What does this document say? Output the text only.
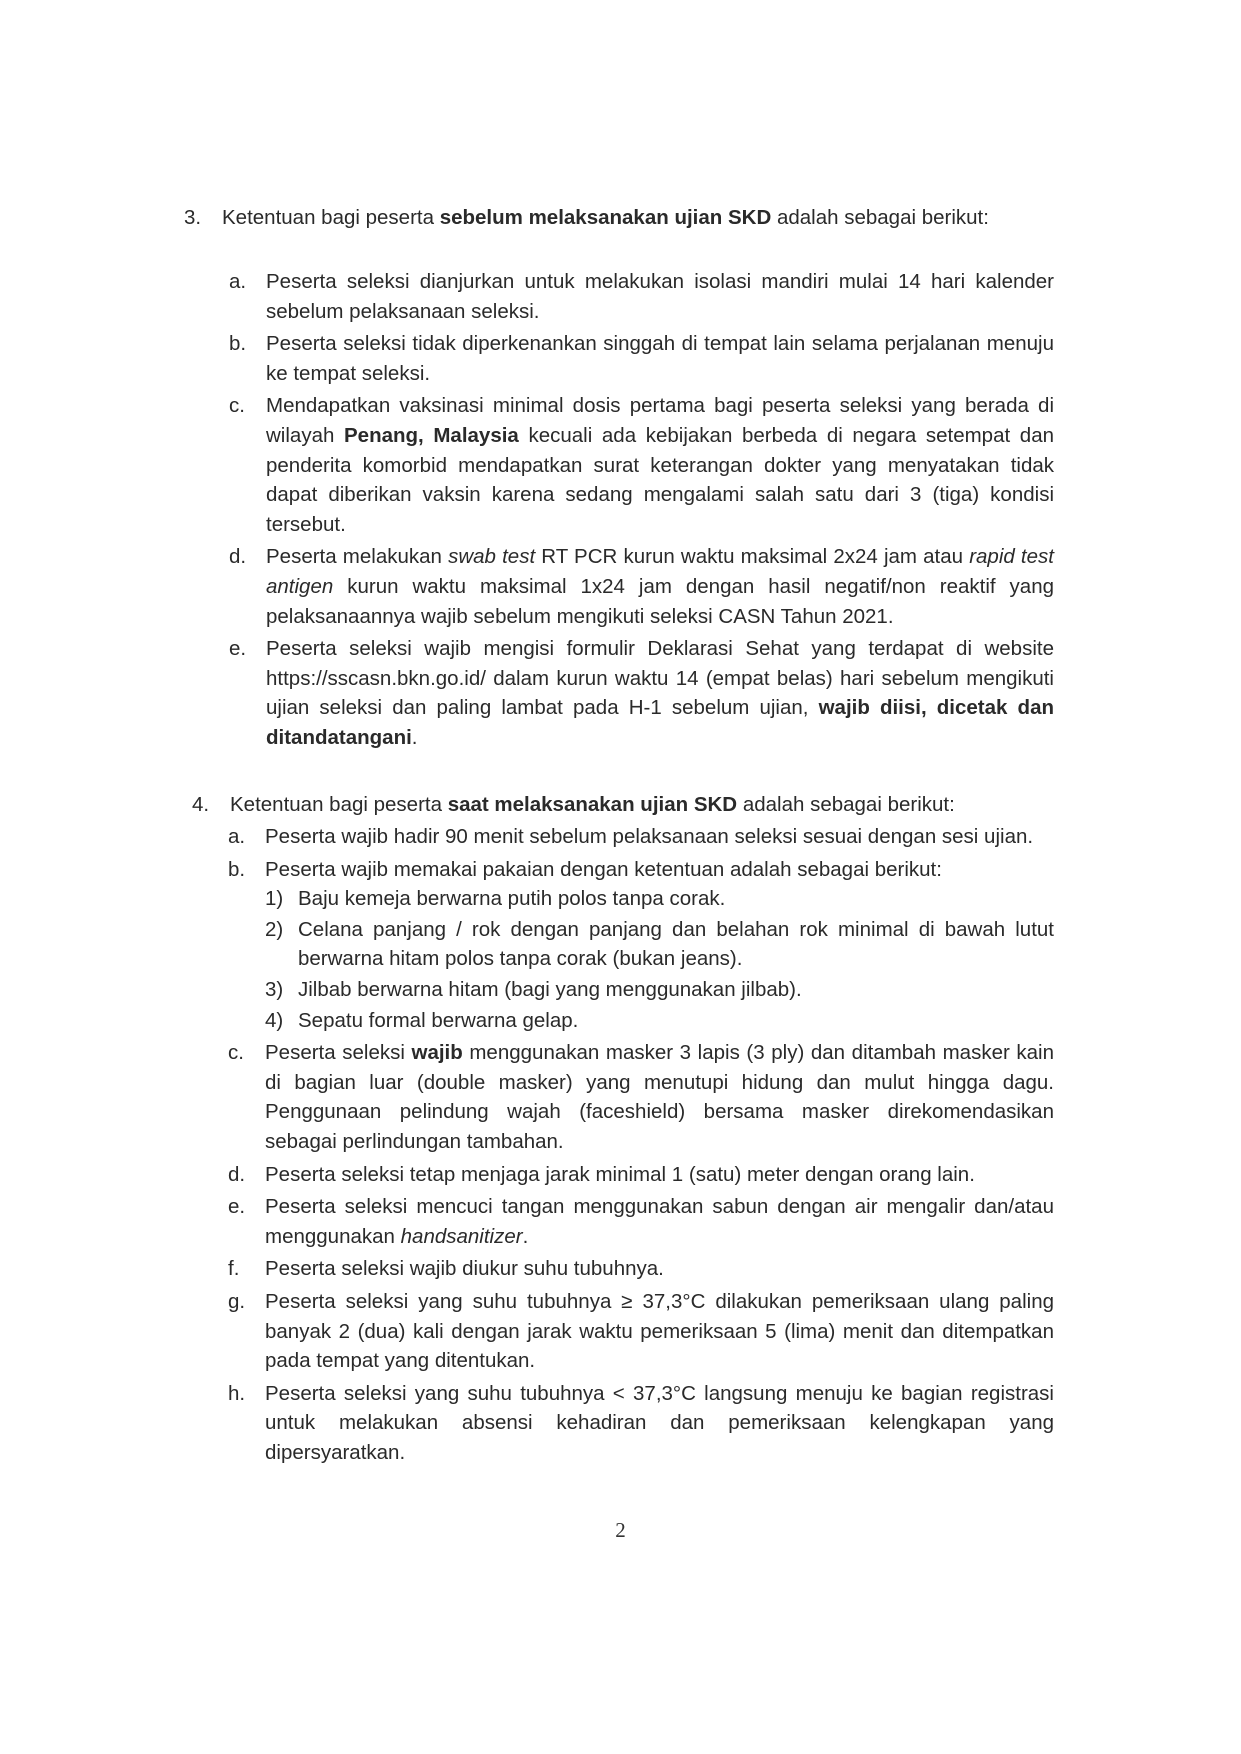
3. Ketentuan bagi peserta sebelum melaksanakan ujian SKD adalah sebagai berikut:
a. Peserta seleksi dianjurkan untuk melakukan isolasi mandiri mulai 14 hari kalender sebelum pelaksanaan seleksi.
b. Peserta seleksi tidak diperkenankan singgah di tempat lain selama perjalanan menuju ke tempat seleksi.
c. Mendapatkan vaksinasi minimal dosis pertama bagi peserta seleksi yang berada di wilayah Penang, Malaysia kecuali ada kebijakan berbeda di negara setempat dan penderita komorbid mendapatkan surat keterangan dokter yang menyatakan tidak dapat diberikan vaksin karena sedang mengalami salah satu dari 3 (tiga) kondisi tersebut.
d. Peserta melakukan swab test RT PCR kurun waktu maksimal 2x24 jam atau rapid test antigen kurun waktu maksimal 1x24 jam dengan hasil negatif/non reaktif yang pelaksanaannya wajib sebelum mengikuti seleksi CASN Tahun 2021.
e. Peserta seleksi wajib mengisi formulir Deklarasi Sehat yang terdapat di website https://sscasn.bkn.go.id/ dalam kurun waktu 14 (empat belas) hari sebelum mengikuti ujian seleksi dan paling lambat pada H-1 sebelum ujian, wajib diisi, dicetak dan ditandatangani.
4. Ketentuan bagi peserta saat melaksanakan ujian SKD adalah sebagai berikut:
a. Peserta wajib hadir 90 menit sebelum pelaksanaan seleksi sesuai dengan sesi ujian.
b. Peserta wajib memakai pakaian dengan ketentuan adalah sebagai berikut:
1) Baju kemeja berwarna putih polos tanpa corak.
2) Celana panjang / rok dengan panjang dan belahan rok minimal di bawah lutut berwarna hitam polos tanpa corak (bukan jeans).
3) Jilbab berwarna hitam (bagi yang menggunakan jilbab).
4) Sepatu formal berwarna gelap.
c. Peserta seleksi wajib menggunakan masker 3 lapis (3 ply) dan ditambah masker kain di bagian luar (double masker) yang menutupi hidung dan mulut hingga dagu. Penggunaan pelindung wajah (faceshield) bersama masker direkomendasikan sebagai perlindungan tambahan.
d. Peserta seleksi tetap menjaga jarak minimal 1 (satu) meter dengan orang lain.
e. Peserta seleksi mencuci tangan menggunakan sabun dengan air mengalir dan/atau menggunakan handsanitizer.
f. Peserta seleksi wajib diukur suhu tubuhnya.
g. Peserta seleksi yang suhu tubuhnya ≥ 37,3°C dilakukan pemeriksaan ulang paling banyak 2 (dua) kali dengan jarak waktu pemeriksaan 5 (lima) menit dan ditempatkan pada tempat yang ditentukan.
h. Peserta seleksi yang suhu tubuhnya < 37,3°C langsung menuju ke bagian registrasi untuk melakukan absensi kehadiran dan pemeriksaan kelengkapan yang dipersyaratkan.
2
